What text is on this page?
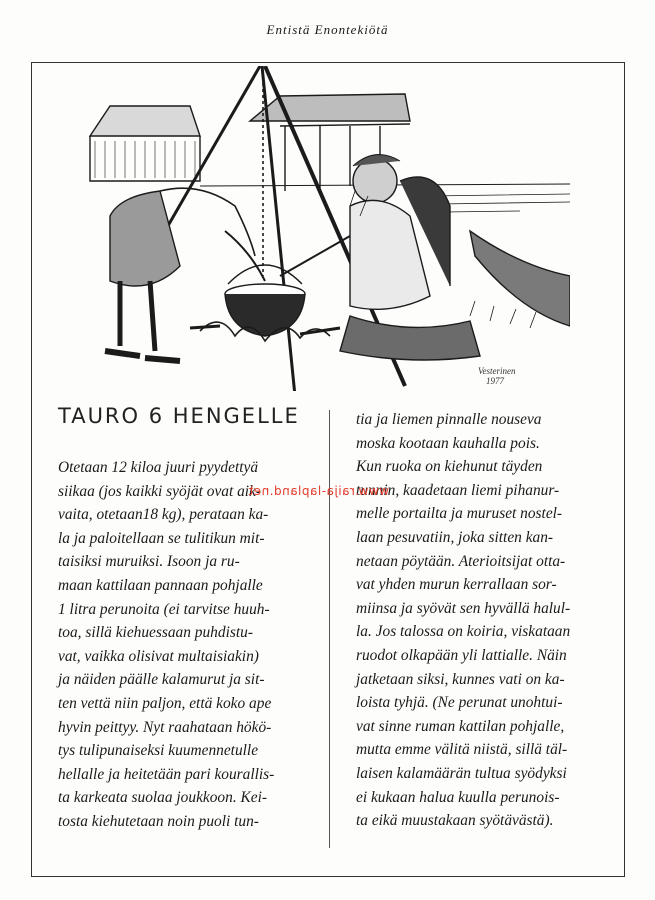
Entistä Enontekiötä
Vesterinen
1977
TAURO 6 HENGELLE
Otetaan 12 kiloa juuri pyydettyä
siikaa (jos kaikki syöjät ovat aik-
vaita, otetaan18 kg), perataan ka-
la ja paloitellaan se tulitikun mit-
taisiksi muruiksi. Isoon ja ru-
maan kattilaan pannaan pohjalle
1 litra perunoita (ei tarvitse huuh-
toa, sillä kiehuessaan puhdistu-
vat, vaikka olisivat multaisiakin)
ja näiden päälle kalamurut ja sit-
ten vettä niin paljon, että koko ape
hyvin peittyy. Nyt raahataan hökö-
tys tulipunaiseksi kuumennetulle
hellalle ja heitetään pari kourallis-
ta karkeata suolaa joukkoon. Kei-
tosta kiehutetaan noin puoli tun-
tia ja liemen pinnalle nouseva
moska kootaan kauhalla pois.
Kun ruoka on kiehunut täyden
tunnin, kaadetaan liemi pihanur-
melle portailta ja muruset nostel-
laan pesuvatiin, joka sitten kan-
netaan pöytään. Aterioitsijat otta-
vat yhden murun kerrallaan sor-
miinsa ja syövät sen hyvällä halul-
la. Jos talossa on koiria, viskataan
ruodot olkapään yli lattialle. Näin
jatketaan siksi, kunnes vati on ka-
loista tyhjä. (Ne perunat unohtui-
vat sinne ruman kattilan pohjalle,
mutta emme välitä niistä, sillä täl-
laisen kalamäärän tultua syödyksi
ei kukaan halua kuulla perunois-
ta eikä muustakaan syötävästä).
www.raija-lapland.net
